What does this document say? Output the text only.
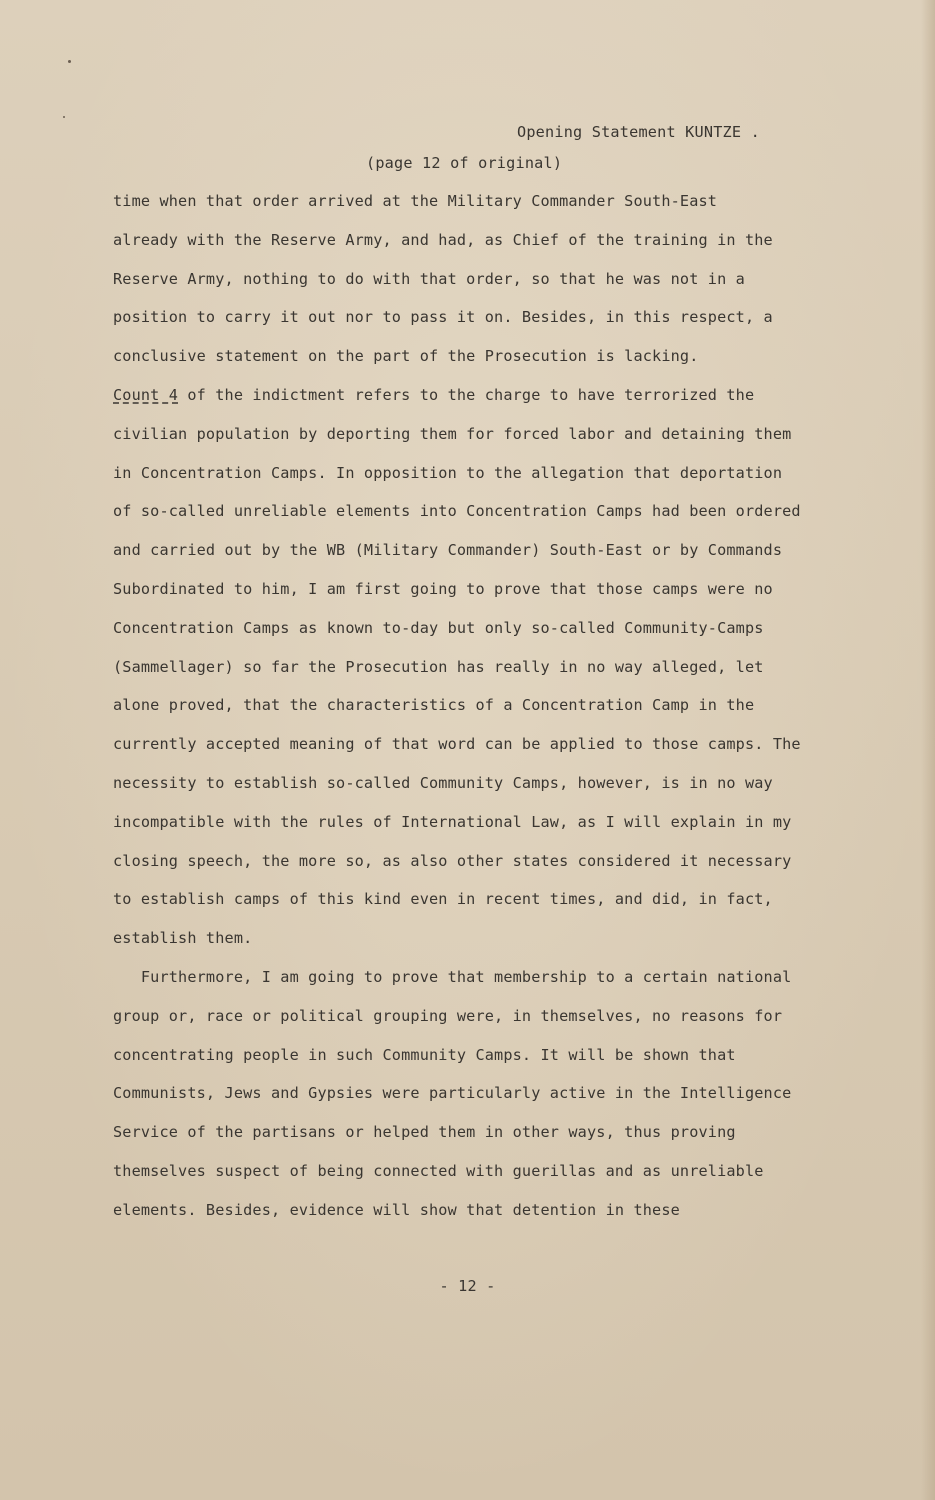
Opening Statement KUNTZE .

(page 12 of original)

time when that order arrived at the Military Commander South-East
already with the Reserve Army, and had, as Chief of the training in the
Reserve Army, nothing to do with that order, so that he was not in a
position to carry it out nor to pass it on. Besides, in this respect, a
conclusive statement on the part of the Prosecution is lacking.
Count 4 of the indictment refers to the charge to have terrorized the
civilian population by deporting them for forced labor and detaining them
in Concentration Camps. In opposition to the allegation that deportation
of so-called unreliable elements into Concentration Camps had been ordered
and carried out by the WB (Military Commander) South-East or by Commands
Subordinated to him, I am first going to prove that those camps were no
Concentration Camps as known to-day but only so-called Community-Camps
(Sammellager) so far the Prosecution has really in no way alleged, let
alone proved, that the characteristics of a Concentration Camp in the
currently accepted meaning of that word can be applied to those camps. The
necessity to establish so-called Community Camps, however, is in no way
incompatible with the rules of International Law, as I will explain in my
closing speech, the more so, as also other states considered it necessary
to establish camps of this kind even in recent times, and did, in fact,
establish them.
Furthermore, I am going to prove that membership to a certain national
group or, race or political grouping were, in themselves, no reasons for
concentrating people in such Community Camps. It will be shown that
Communists, Jews and Gypsies were particularly active in the Intelligence
Service of the partisans or helped them in other ways, thus proving
themselves suspect of being connected with guerillas and as unreliable
elements. Besides, evidence will show that detention in these

- 12 -
